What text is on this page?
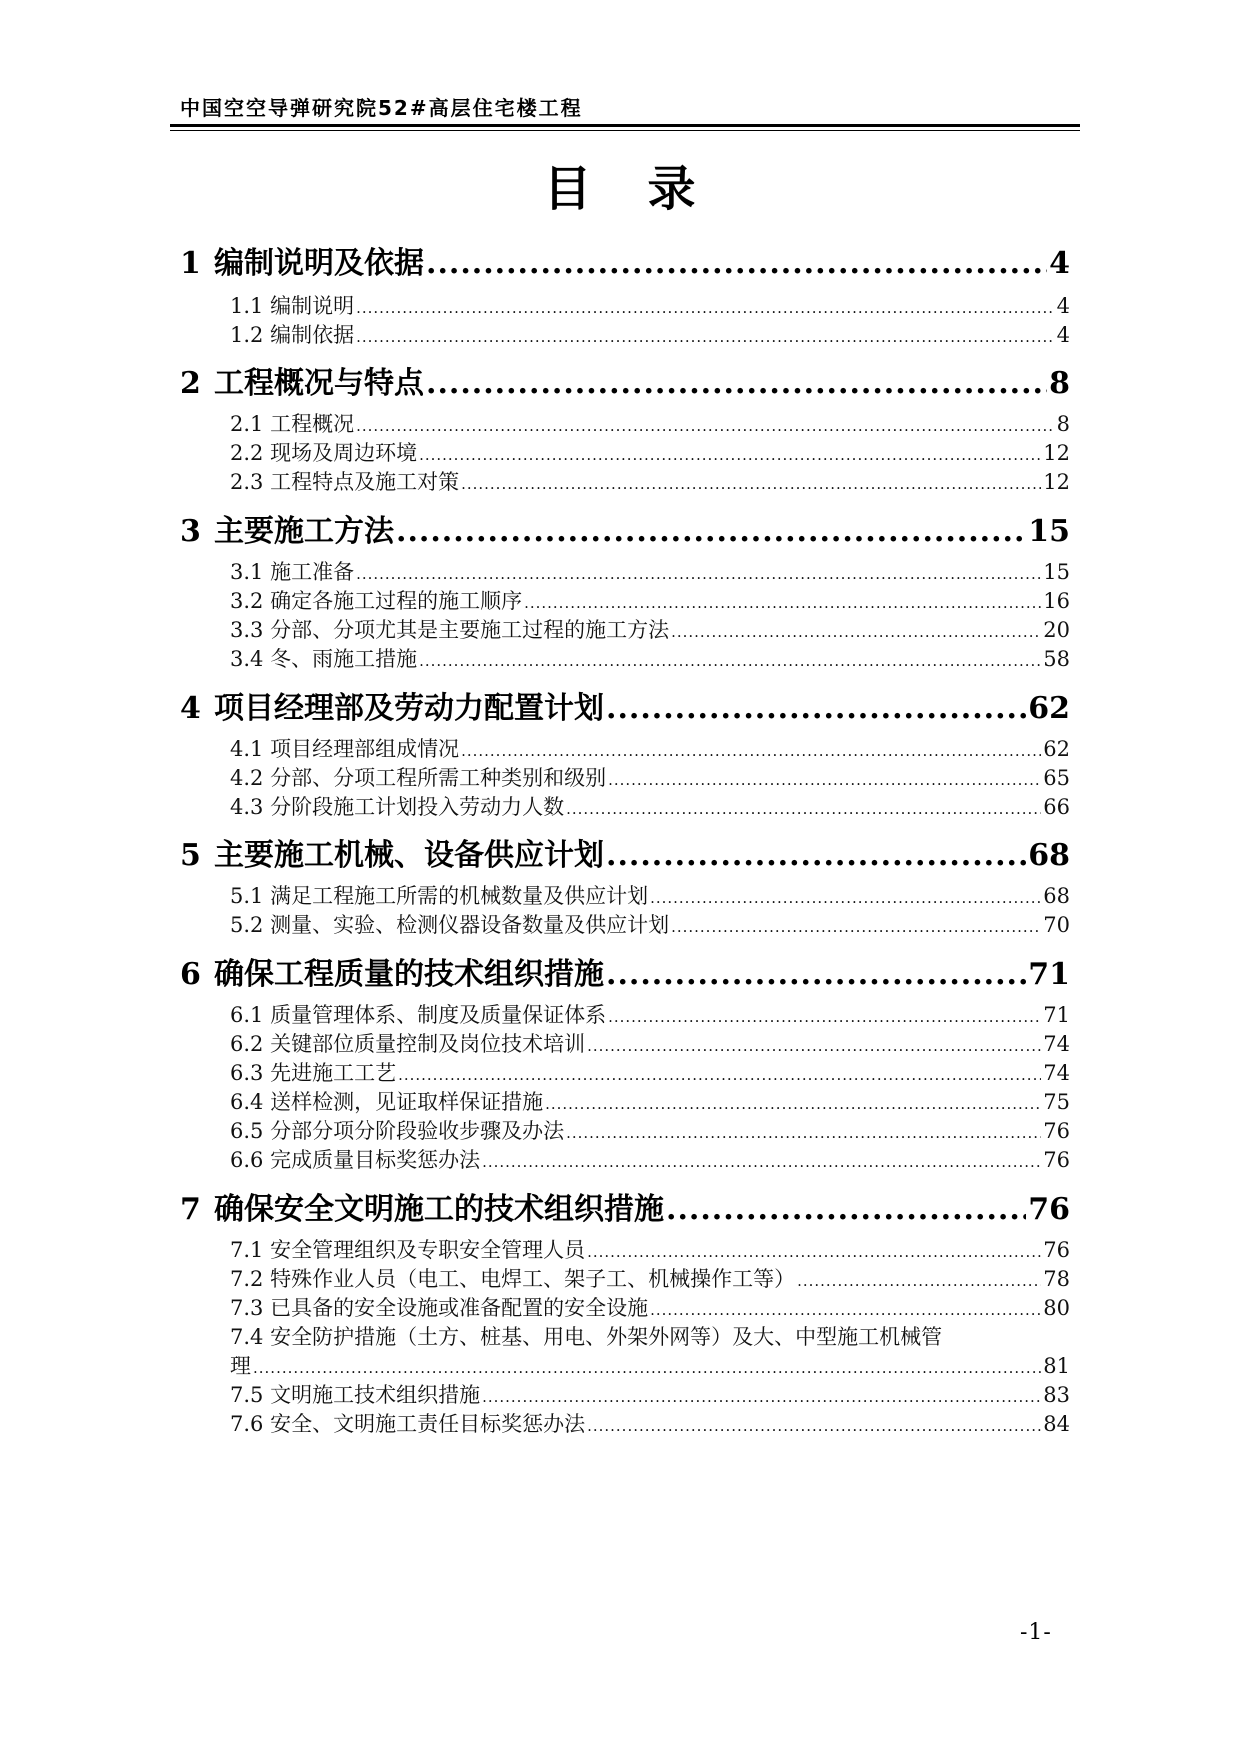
中国空空导弹研究院52#高层住宅楼工程
目 录
1 编制说明及依据 .....	4
1.1 编制说明 .....	4
1.2 编制依据 .....	4
2 工程概况与特点 .....	8
2.1 工程概况 .....	8
2.2 现场及周边环境 .....	12
2.3 工程特点及施工对策 .....	12
3 主要施工方法 .....	15
3.1 施工准备 .....	15
3.2 确定各施工过程的施工顺序 .....	16
3.3 分部、分项尤其是主要施工过程的施工方法 .....	20
3.4 冬、雨施工措施 .....	58
4 项目经理部及劳动力配置计划 .....	62
4.1 项目经理部组成情况 .....	62
4.2 分部、分项工程所需工种类别和级别 .....	65
4.3 分阶段施工计划投入劳动力人数 .....	66
5 主要施工机械、设备供应计划 .....	68
5.1 满足工程施工所需的机械数量及供应计划 .....	68
5.2 测量、实验、检测仪器设备数量及供应计划 .....	70
6 确保工程质量的技术组织措施 .....	71
6.1 质量管理体系、制度及质量保证体系 .....	71
6.2 关键部位质量控制及岗位技术培训 .....	74
6.3 先进施工工艺 .....	74
6.4 送样检测，见证取样保证措施 .....	75
6.5 分部分项分阶段验收步骤及办法 .....	76
6.6 完成质量目标奖惩办法 .....	76
7 确保安全文明施工的技术组织措施 .....	76
7.1 安全管理组织及专职安全管理人员 .....	76
7.2 特殊作业人员（电工、电焊工、架子工、机械操作工等） .....	78
7.3 已具备的安全设施或准备配置的安全设施 .....	80
7.4 安全防护措施（土方、桩基、用电、外架外网等）及大、中型施工机械管
理 .....	81
7.5 文明施工技术组织措施 .....	83
7.6 安全、文明施工责任目标奖惩办法 .....	84
-1-
